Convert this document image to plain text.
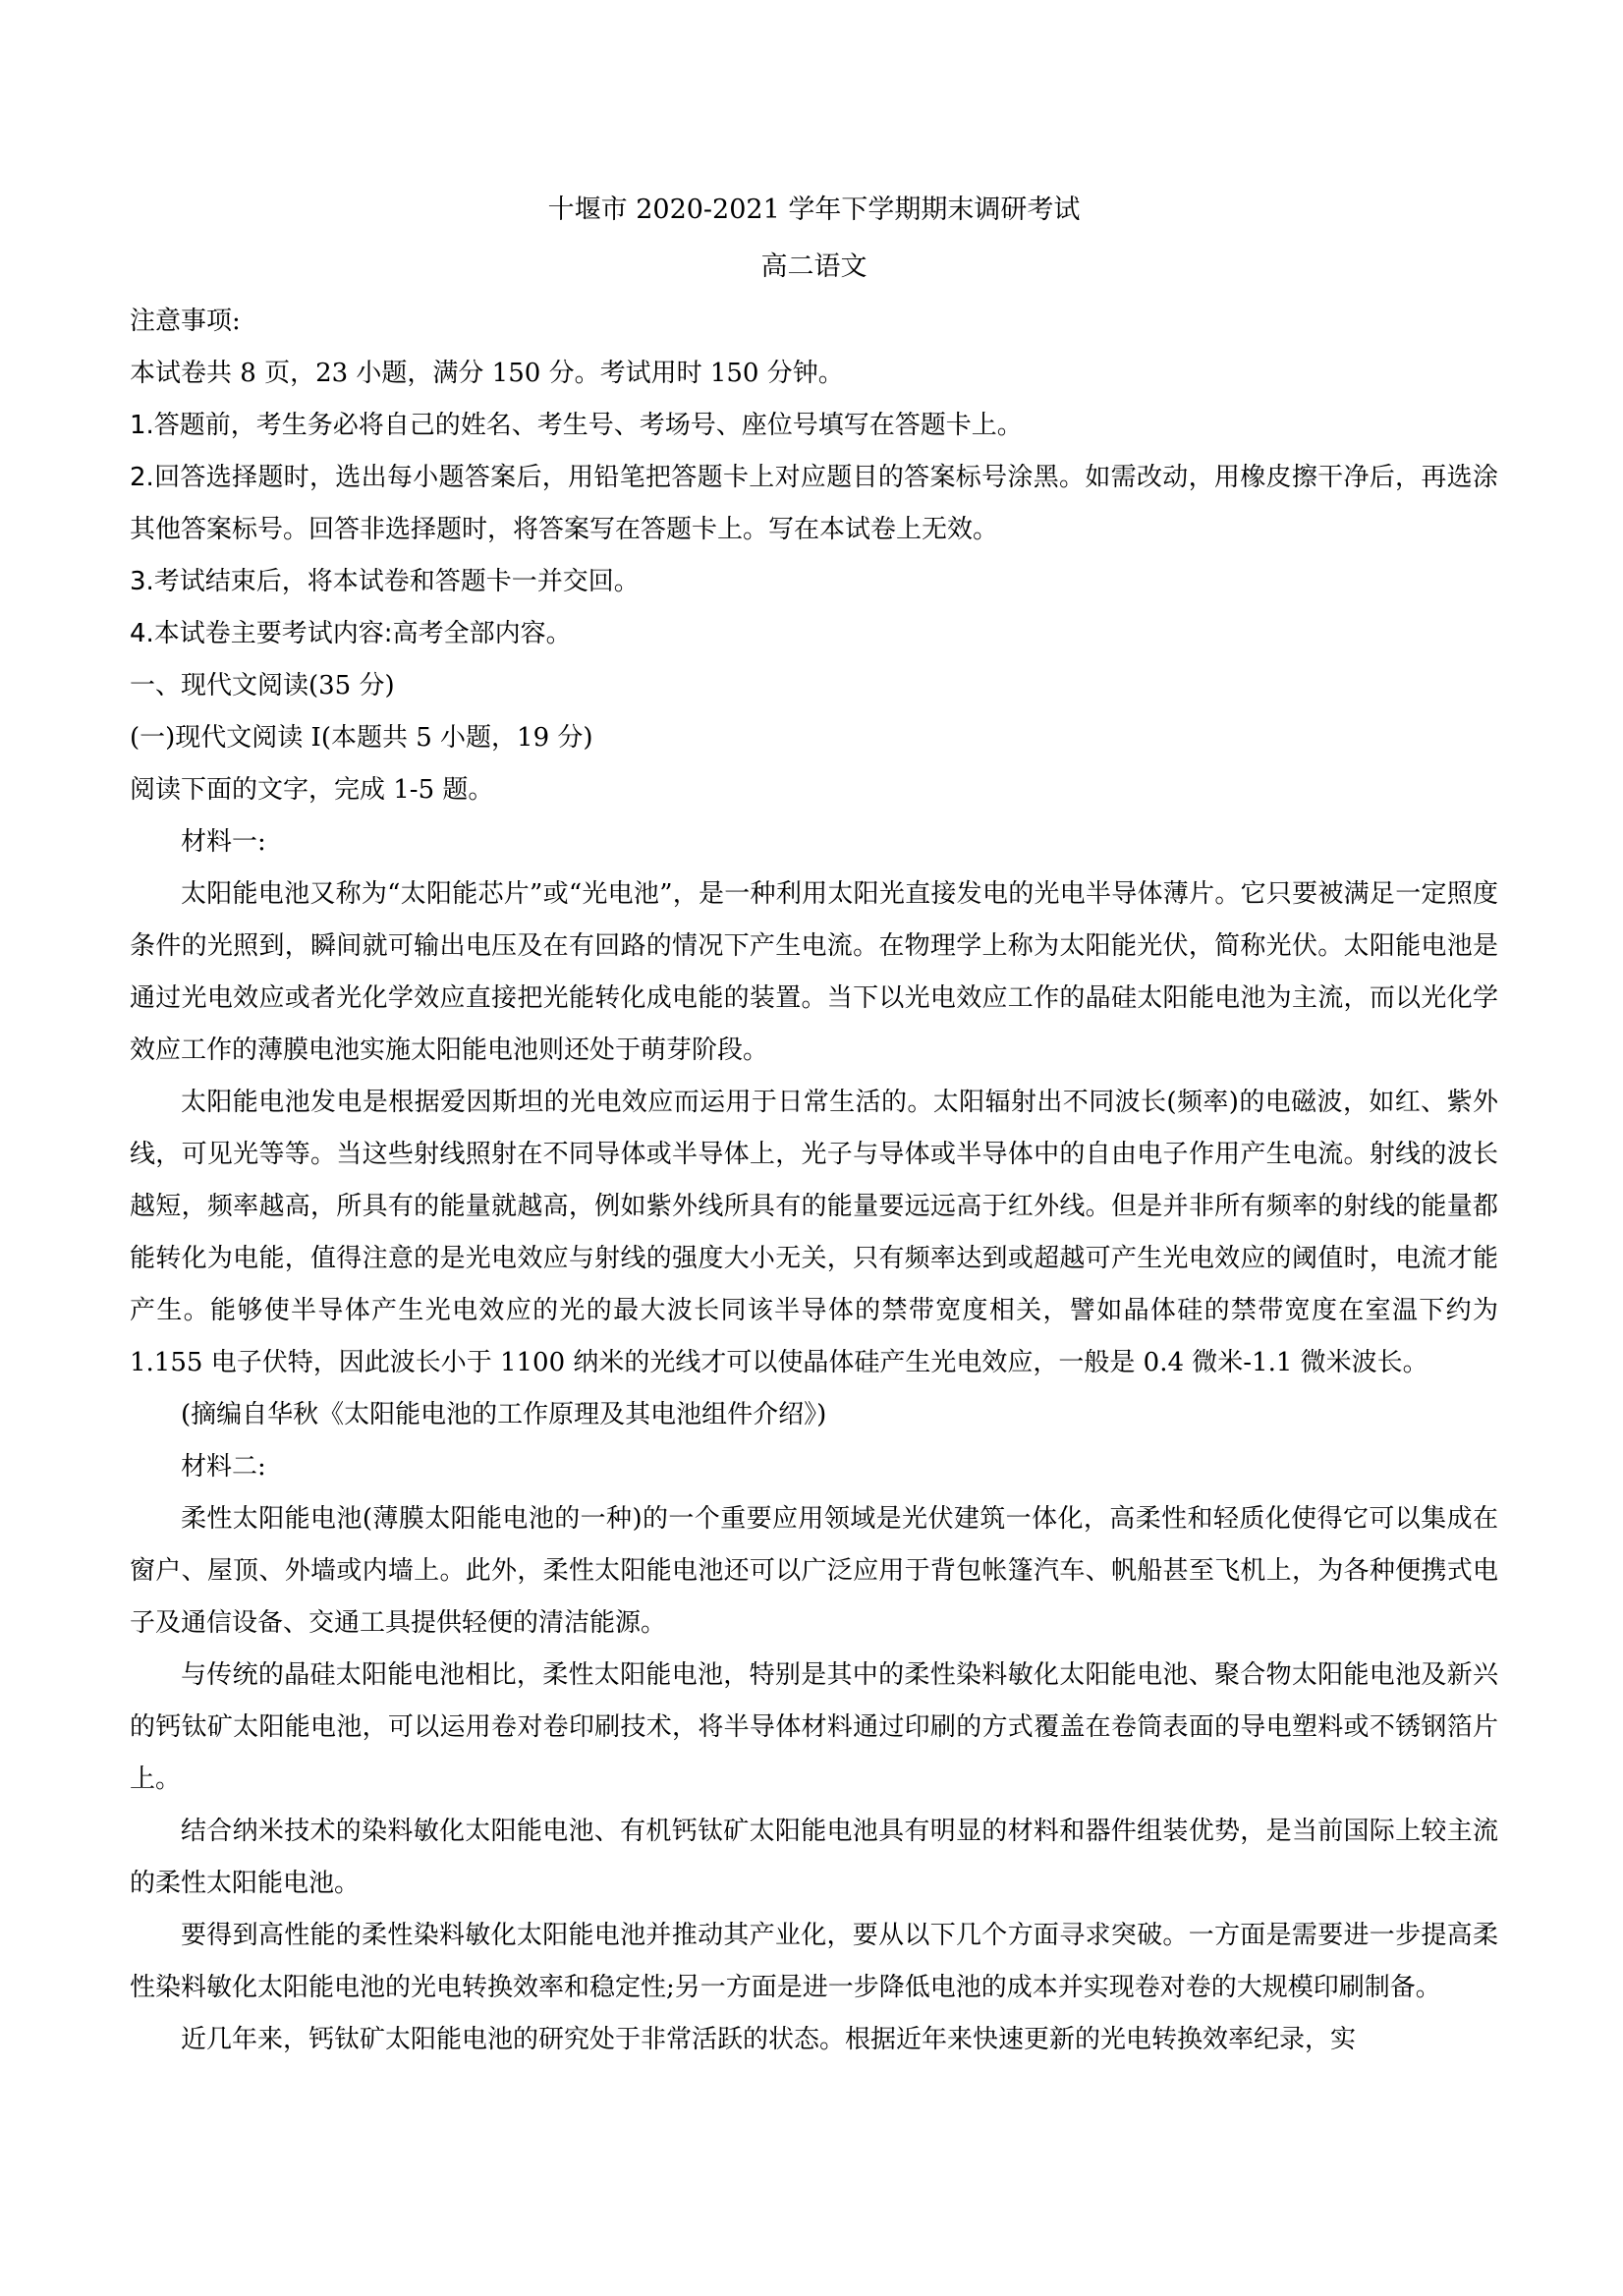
十堰市 2020-2021 学年下学期期末调研考试
高二语文
注意事项:
本试卷共 8 页，23 小题，满分 150 分。考试用时 150 分钟。
1.答题前，考生务必将自己的姓名、考生号、考场号、座位号填写在答题卡上。
2.回答选择题时，选出每小题答案后，用铅笔把答题卡上对应题目的答案标号涂黑。如需改动，用橡皮擦干净后，再选涂其他答案标号。回答非选择题时，将答案写在答题卡上。写在本试卷上无效。
3.考试结束后，将本试卷和答题卡一并交回。
4.本试卷主要考试内容:高考全部内容。
一、现代文阅读(35 分)
(一)现代文阅读 I(本题共 5 小题，19 分)
阅读下面的文字，完成 1-5 题。

材料一:

太阳能电池又称为“太阳能芯片”或“光电池”，是一种利用太阳光直接发电的光电半导体薄片。它只要被满足一定照度条件的光照到，瞬间就可输出电压及在有回路的情况下产生电流。在物理学上称为太阳能光伏，简称光伏。太阳能电池是通过光电效应或者光化学效应直接把光能转化成电能的装置。当下以光电效应工作的晶硅太阳能电池为主流，而以光化学效应工作的薄膜电池实施太阳能电池则还处于萌芽阶段。

太阳能电池发电是根据爱因斯坦的光电效应而运用于日常生活的。太阳辐射出不同波长(频率)的电磁波，如红、紫外线，可见光等等。当这些射线照射在不同导体或半导体上，光子与导体或半导体中的自由电子作用产生电流。射线的波长越短，频率越高，所具有的能量就越高，例如紫外线所具有的能量要远远高于红外线。但是并非所有频率的射线的能量都能转化为电能，值得注意的是光电效应与射线的强度大小无关，只有频率达到或超越可产生光电效应的阈值时，电流才能产生。能够使半导体产生光电效应的光的最大波长同该半导体的禁带宽度相关，譬如晶体硅的禁带宽度在室温下约为 1.155 电子伏特，因此波长小于 1100 纳米的光线才可以使晶体硅产生光电效应，一般是 0.4 微米-1.1 微米波长。

(摘编自华秋《太阳能电池的工作原理及其电池组件介绍》)

材料二:

柔性太阳能电池(薄膜太阳能电池的一种)的一个重要应用领域是光伏建筑一体化，高柔性和轻质化使得它可以集成在窗户、屋顶、外墙或内墙上。此外，柔性太阳能电池还可以广泛应用于背包帐篷汽车、帆船甚至飞机上，为各种便携式电子及通信设备、交通工具提供轻便的清洁能源。

与传统的晶硅太阳能电池相比，柔性太阳能电池，特别是其中的柔性染料敏化太阳能电池、聚合物太阳能电池及新兴的钙钛矿太阳能电池，可以运用卷对卷印刷技术，将半导体材料通过印刷的方式覆盖在卷筒表面的导电塑料或不锈钢箔片上。

结合纳米技术的染料敏化太阳能电池、有机钙钛矿太阳能电池具有明显的材料和器件组装优势，是当前国际上较主流的柔性太阳能电池。

要得到高性能的柔性染料敏化太阳能电池并推动其产业化，要从以下几个方面寻求突破。一方面是需要进一步提高柔性染料敏化太阳能电池的光电转换效率和稳定性;另一方面是进一步降低电池的成本并实现卷对卷的大规模印刷制备。

近几年来，钙钛矿太阳能电池的研究处于非常活跃的状态。根据近年来快速更新的光电转换效率纪录，实
